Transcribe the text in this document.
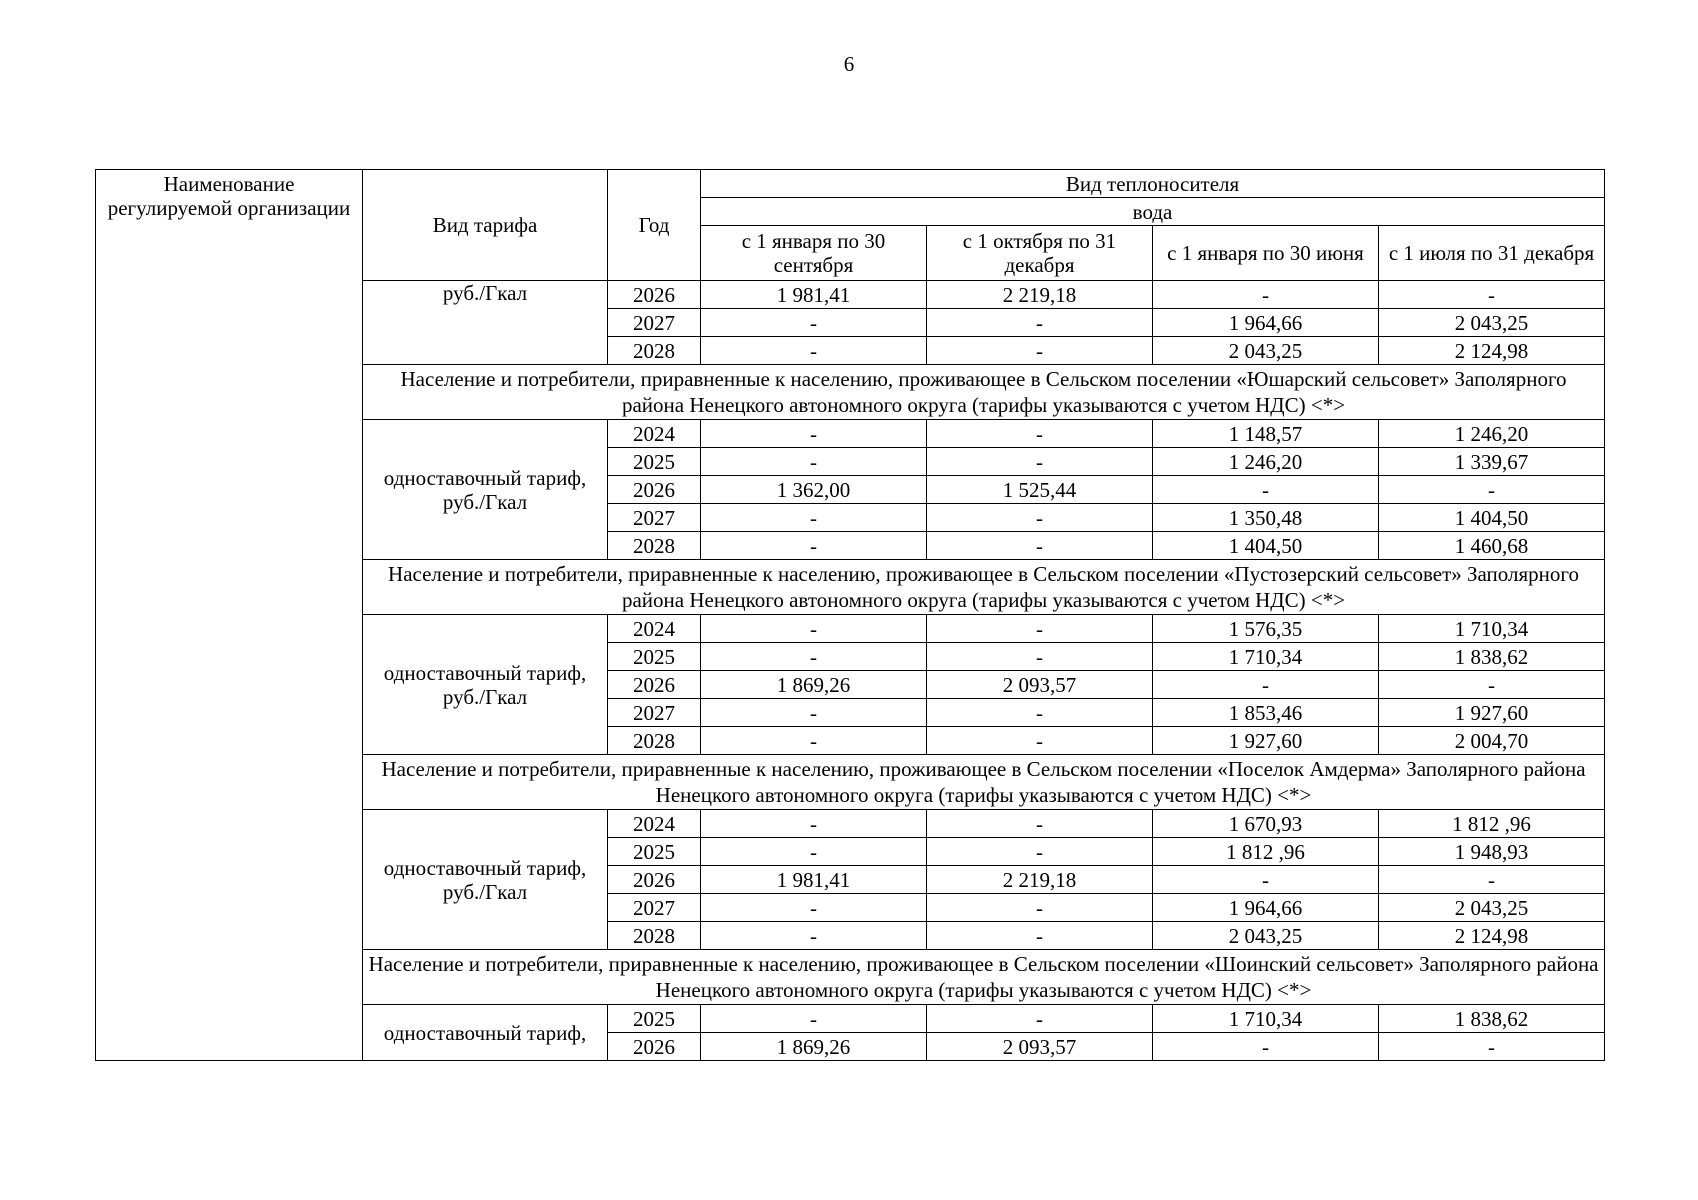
6
Наименование регулируемой организации	Вид тарифа	Год	Вид теплоносителя			
			вода			
			с 1 января по 30 сентября	с 1 октября по 31 декабря	с 1 января по 30 июня	с 1 июля по 31 декабря
	руб./Гкал	2026	1 981,41	2 219,18	-	-
		2027	-	-	1 964,66	2 043,25
		2028	-	-	2 043,25	2 124,98
	Население и потребители, приравненные к населению, проживающее в Сельском поселении «Юшарский сельсовет» Заполярного района Ненецкого автономного округа (тарифы указываются с учетом НДС) <*>					
	одноставочный тариф, руб./Гкал	2024	-	-	1 148,57	1 246,20
		2025	-	-	1 246,20	1 339,67
		2026	1 362,00	1 525,44	-	-
		2027	-	-	1 350,48	1 404,50
		2028	-	-	1 404,50	1 460,68
	Население и потребители, приравненные к населению, проживающее в Сельском поселении «Пустозерский сельсовет» Заполярного района Ненецкого автономного округа (тарифы указываются с учетом НДС) <*>					
	одноставочный тариф, руб./Гкал	2024	-	-	1 576,35	1 710,34
		2025	-	-	1 710,34	1 838,62
		2026	1 869,26	2 093,57	-	-
		2027	-	-	1 853,46	1 927,60
		2028	-	-	1 927,60	2 004,70
	Население и потребители, приравненные к населению, проживающее в Сельском поселении «Поселок Амдерма» Заполярного района Ненецкого автономного округа (тарифы указываются с учетом НДС) <*>					
	одноставочный тариф, руб./Гкал	2024	-	-	1 670,93	1 812 ,96
		2025	-	-	1 812 ,96	1 948,93
		2026	1 981,41	2 219,18	-	-
		2027	-	-	1 964,66	2 043,25
		2028	-	-	2 043,25	2 124,98
	Население и потребители, приравненные к населению, проживающее в Сельском поселении «Шоинский сельсовет» Заполярного района Ненецкого автономного округа (тарифы указываются с учетом НДС) <*>					
	одноставочный тариф,	2025	-	-	1 710,34	1 838,62
		2026	1 869,26	2 093,57	-	-
